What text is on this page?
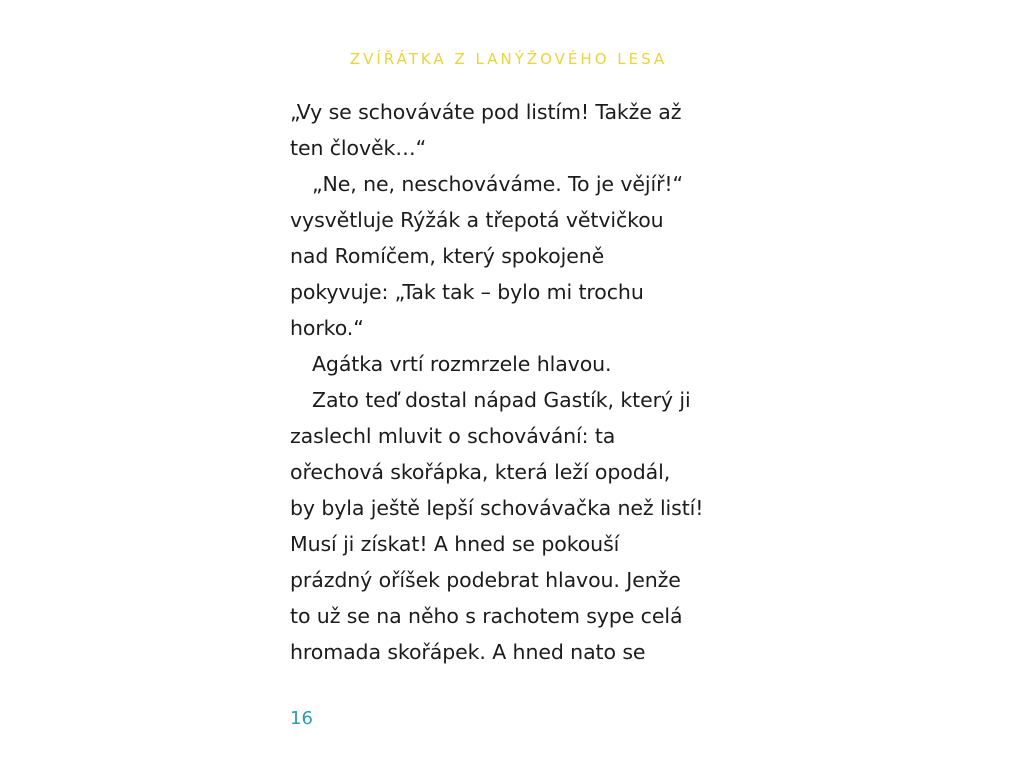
ZVÍŘÁTKA Z LANÝŽOVÉHO LESA
„Vy se schováváte pod listím! Takže až
ten člověk…“
„Ne, ne, neschováváme. To je vějíř!“
vysvětluje Rýžák a třepotá větvičkou
nad Romíčem, který spokojeně
pokyvuje: „Tak tak – bylo mi trochu
horko.“
Agátka vrtí rozmrzele hlavou.
Zato teď dostal nápad Gastík, který ji
zaslechl mluvit o schovávání: ta
ořechová skořápka, která leží opodál,
by byla ještě lepší schovávačka než listí!
Musí ji získat! A hned se pokouší
prázdný oříšek podebrat hlavou. Jenže
to už se na něho s rachotem sype celá
hromada skořápek. A hned nato se
16
